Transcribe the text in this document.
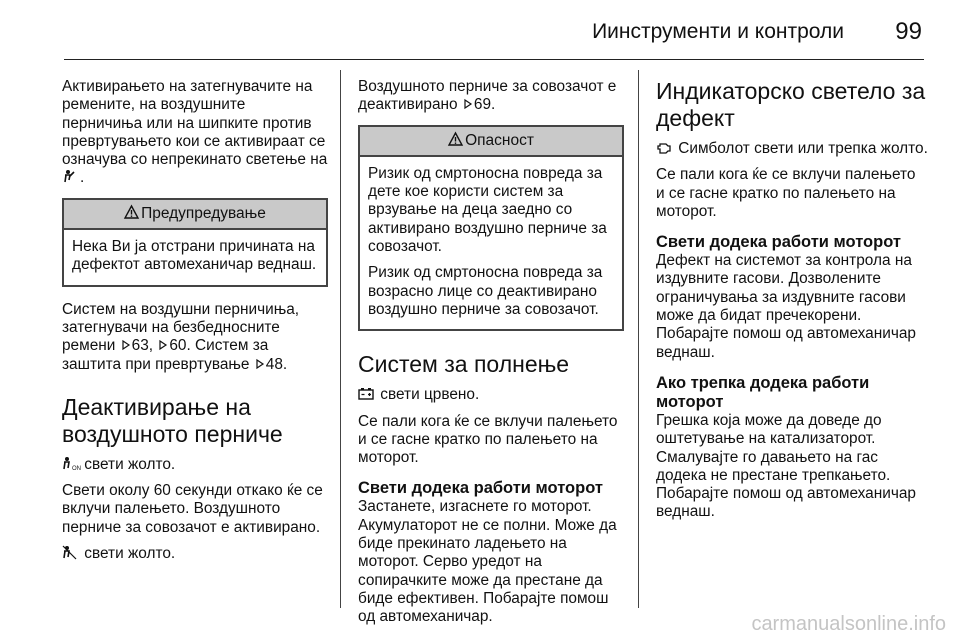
Иинструменти и контроли 99

Активирањето на затегнувачите на ремените, на воздушните перничиња или на шипките против превртувањето кои се активираат се означува со непрекинато светење на .

Предупредување

Нека Ви ја отстрани причината на дефектот автомеханичар веднаш.

Систем на воздушни перничиња, затегнувачи на безбедносните ремени 63, 60. Систем за заштита при превртување 48.

Деактивирање на воздушното перниче

ON свети жолто.

Свети околу 60 секунди откако ќе се вклучи палењето. Воздушното перниче за совозачот е активирано.

свети жолто.

Воздушното перниче за совозачот е деактивирано 69.

Опасност

Ризик од смртоносна повреда за дете кое користи систем за врзување на деца заедно со активирано воздушно перниче за совозачот.

Ризик од смртоносна повреда за возрасно лице со деактивирано воздушно перниче за совозачот.

Систем за полнење

свети црвено.

Се пали кога ќе се вклучи палењето и се гасне кратко по палењето на моторот.

Свети додека работи моторот

Застанете, изгаснете го моторот. Акумулаторот не се полни. Може да биде прекинато ладењето на моторот. Серво уредот на сопирачките може да престане да биде ефективен. Побарајте помош од автомеханичар.

Индикаторско светело за дефект

Симболот свети или трепка жолто.

Се пали кога ќе се вклучи палењето и се гасне кратко по палењето на моторот.

Свети додека работи моторот

Дефект на системот за контрола на издувните гасови. Дозволените ограничувања за издувните гасови може да бидат пречекорени. Побарајте помош од автомеханичар веднаш.

Ако трепка додека работи моторот

Грешка која може да доведе до оштетување на катализаторот. Смалувајте го давањето на гас додека не престане трепкањето. Побарајте помош од автомеханичар веднаш.

carmanualsonline.info
